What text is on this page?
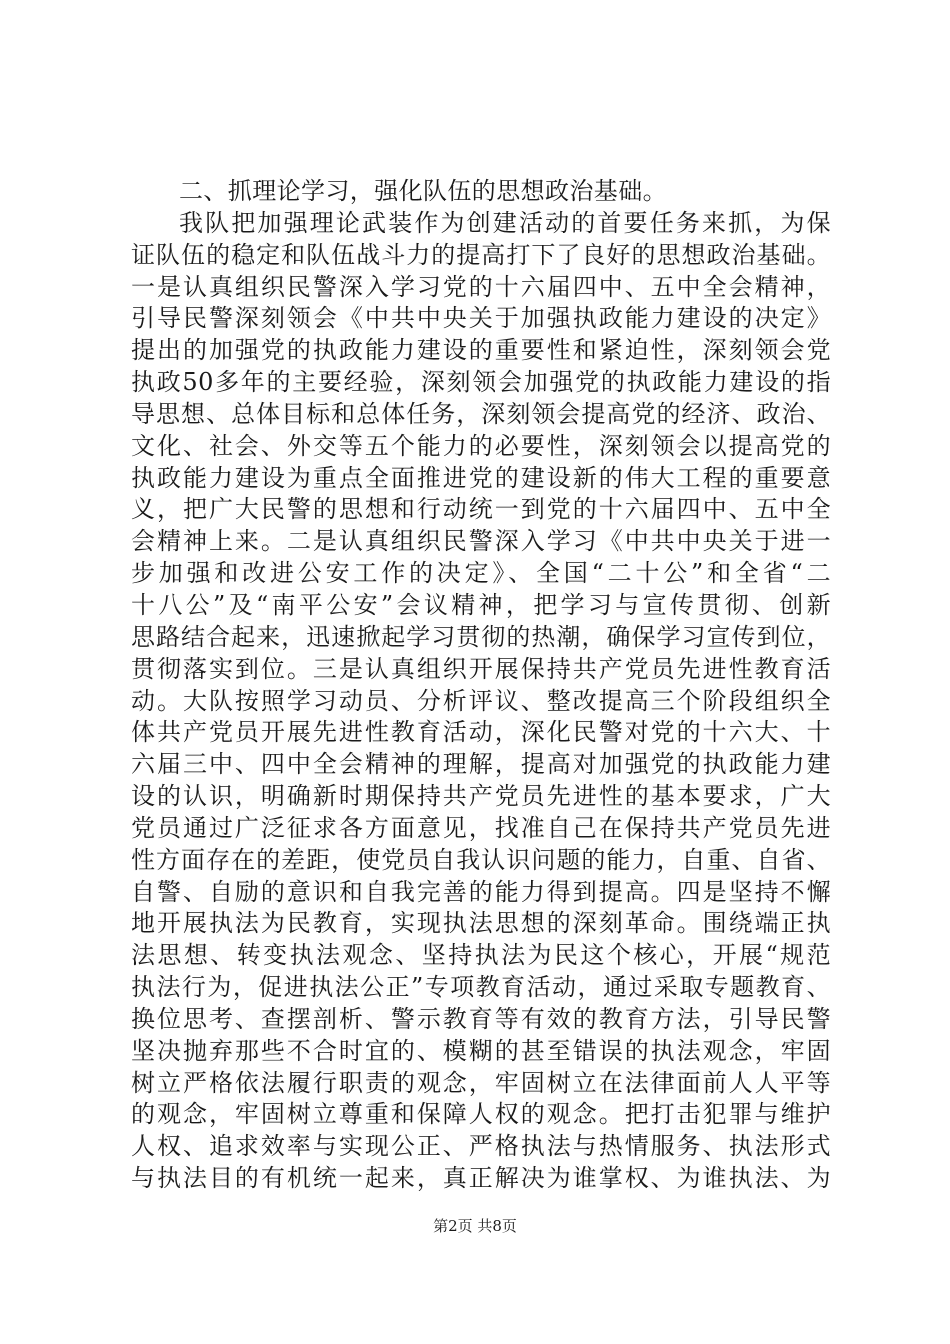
二、抓理论学习，强化队伍的思想政治基础。
我队把加强理论武装作为创建活动的首要任务来抓，为保
证队伍的稳定和队伍战斗力的提高打下了良好的思想政治基础。
一是认真组织民警深入学习党的十六届四中、五中全会精神，
引导民警深刻领会《中共中央关于加强执政能力建设的决定》
提出的加强党的执政能力建设的重要性和紧迫性，深刻领会党
执政50多年的主要经验，深刻领会加强党的执政能力建设的指
导思想、总体目标和总体任务，深刻领会提高党的经济、政治、
文化、社会、外交等五个能力的必要性，深刻领会以提高党的
执政能力建设为重点全面推进党的建设新的伟大工程的重要意
义，把广大民警的思想和行动统一到党的十六届四中、五中全
会精神上来。二是认真组织民警深入学习《中共中央关于进一
步加强和改进公安工作的决定》、全国“二十公”和全省“二
十八公”及“南平公安”会议精神，把学习与宣传贯彻、创新
思路结合起来，迅速掀起学习贯彻的热潮，确保学习宣传到位，
贯彻落实到位。三是认真组织开展保持共产党员先进性教育活
动。大队按照学习动员、分析评议、整改提高三个阶段组织全
体共产党员开展先进性教育活动，深化民警对党的十六大、十
六届三中、四中全会精神的理解，提高对加强党的执政能力建
设的认识，明确新时期保持共产党员先进性的基本要求，广大
党员通过广泛征求各方面意见，找准自己在保持共产党员先进
性方面存在的差距，使党员自我认识问题的能力，自重、自省、
自警、自励的意识和自我完善的能力得到提高。四是坚持不懈
地开展执法为民教育，实现执法思想的深刻革命。围绕端正执
法思想、转变执法观念、坚持执法为民这个核心，开展“规范
执法行为，促进执法公正”专项教育活动，通过采取专题教育、
换位思考、查摆剖析、警示教育等有效的教育方法，引导民警
坚决抛弃那些不合时宜的、模糊的甚至错误的执法观念，牢固
树立严格依法履行职责的观念，牢固树立在法律面前人人平等
的观念，牢固树立尊重和保障人权的观念。把打击犯罪与维护
人权、追求效率与实现公正、严格执法与热情服务、执法形式
与执法目的有机统一起来，真正解决为谁掌权、为谁执法、为
第2页 共8页
